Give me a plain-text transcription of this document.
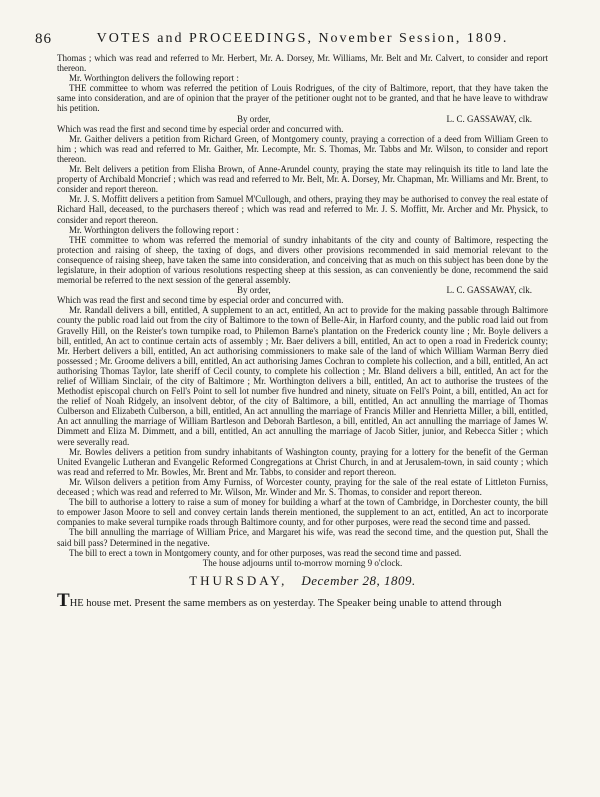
86	VOTES and PROCEEDINGS, November Session, 1809.

Thomas ; which was read and referred to Mr. Herbert, Mr. A. Dorsey, Mr. Williams, Mr. Belt and Mr. Calvert, to consider and report thereon.

Mr. Worthington delivers the following report :

THE committee to whom was referred the petition of Louis Rodrigues, of the city of Baltimore, report, that they have taken the same into consideration, and are of opinion that the prayer of the petitioner ought not to be granted, and that he have leave to withdraw his petition.

By order,	L. C. GASSAWAY, clk.

Which was read the first and second time by especial order and concurred with.

Mr. Gaither delivers a petition from Richard Green, of Montgomery county, praying a correction of a deed from William Green to him ; which was read and referred to Mr. Gaither, Mr. Lecompte, Mr. S. Thomas, Mr. Tabbs and Mr. Wilson, to consider and report thereon.

Mr. Belt delivers a petition from Elisha Brown, of Anne-Arundel county, praying the state may relinquish its title to land late the property of Archibald Moncrief ; which was read and referred to Mr. Belt, Mr. A. Dorsey, Mr. Chapman, Mr. Williams and Mr. Brent, to consider and report thereon.

Mr. J. S. Moffitt delivers a petition from Samuel M'Cullough, and others, praying they may be authorised to convey the real estate of Richard Hall, deceased, to the purchasers thereof ; which was read and referred to Mr. J. S. Moffitt, Mr. Archer and Mr. Physick, to consider and report thereon.

Mr. Worthington delivers the following report :

THE committee to whom was referred the memorial of sundry inhabitants of the city and county of Baltimore, respecting the protection and raising of sheep, the taxing of dogs, and divers other provisions recommended in said memorial relevant to the consequence of raising sheep, have taken the same into consideration, and conceiving that as much on this subject has been done by the legislature, in their adoption of various resolutions respecting sheep at this session, as can conveniently be done, recommend the said memorial be referred to the next session of the general assembly.

By order,	L. C. GASSAWAY, clk.

Which was read the first and second time by especial order and concurred with.

Mr. Randall delivers a bill, entitled, A supplement to an act, entitled, An act to provide for the making passable through Baltimore county the public road laid out from the city of Baltimore to the town of Belle-Air, in Harford county, and the public road laid out from Gravelly Hill, on the Reister's town turnpike road, to Philemon Barne's plantation on the Frederick county line ; Mr. Boyle delivers a bill, entitled, An act to continue certain acts of assembly ; Mr. Baer delivers a bill, entitled, An act to open a road in Frederick county; Mr. Herbert delivers a bill, entitled, An act authorising commissioners to make sale of the land of which William Warman Berry died possessed ; Mr. Groome delivers a bill, entitled, An act authorising James Cochran to complete his collection, and a bill, entitled, An act authorising Thomas Taylor, late sheriff of Cecil county, to complete his collection ; Mr. Bland delivers a bill, entitled, An act for the relief of William Sinclair, of the city of Baltimore ; Mr. Worthington delivers a bill, entitled, An act to authorise the trustees of the Methodist episcopal church on Fell's Point to sell lot number five hundred and ninety, situate on Fell's Point, a bill, entitled, An act for the relief of Noah Ridgely, an insolvent debtor, of the city of Baltimore, a bill, entitled, An act annulling the marriage of Thomas Culberson and Elizabeth Culberson, a bill, entitled, An act annulling the marriage of Francis Miller and Henrietta Miller, a bill, entitled, An act annulling the marriage of William Bartleson and Deborah Bartleson, a bill, entitled, An act annulling the marriage of James W. Dimmett and Eliza M. Dimmett, and a bill, entitled, An act annulling the marriage of Jacob Sitler, junior, and Rebecca Sitler ; which were severally read.

Mr. Bowles delivers a petition from sundry inhabitants of Washington county, praying for a lottery for the benefit of the German United Evangelic Lutheran and Evangelic Reformed Congregations at Christ Church, in and at Jerusalem-town, in said county ; which was read and referred to Mr. Bowles, Mr. Brent and Mr. Tabbs, to consider and report thereon.

Mr. Wilson delivers a petition from Amy Furniss, of Worcester county, praying for the sale of the real estate of Littleton Furniss, deceased ; which was read and referred to Mr. Wilson, Mr. Winder and Mr. S. Thomas, to consider and report thereon.

The bill to authorise a lottery to raise a sum of money for building a wharf at the town of Cambridge, in Dorchester county, the bill to empower Jason Moore to sell and convey certain lands therein mentioned, the supplement to an act, entitled, An act to incorporate companies to make several turnpike roads through Baltimore county, and for other purposes, were read the second time and passed.

The bill annulling the marriage of William Price, and Margaret his wife, was read the second time, and the question put, Shall the said bill pass? Determined in the negative.

The bill to erect a town in Montgomery county, and for other purposes, was read the second time and passed.

The house adjourns until to-morrow morning 9 o'clock.

THURSDAY, December 28, 1809.

THE house met. Present the same members as on yesterday. The Speaker being unable to attend through
